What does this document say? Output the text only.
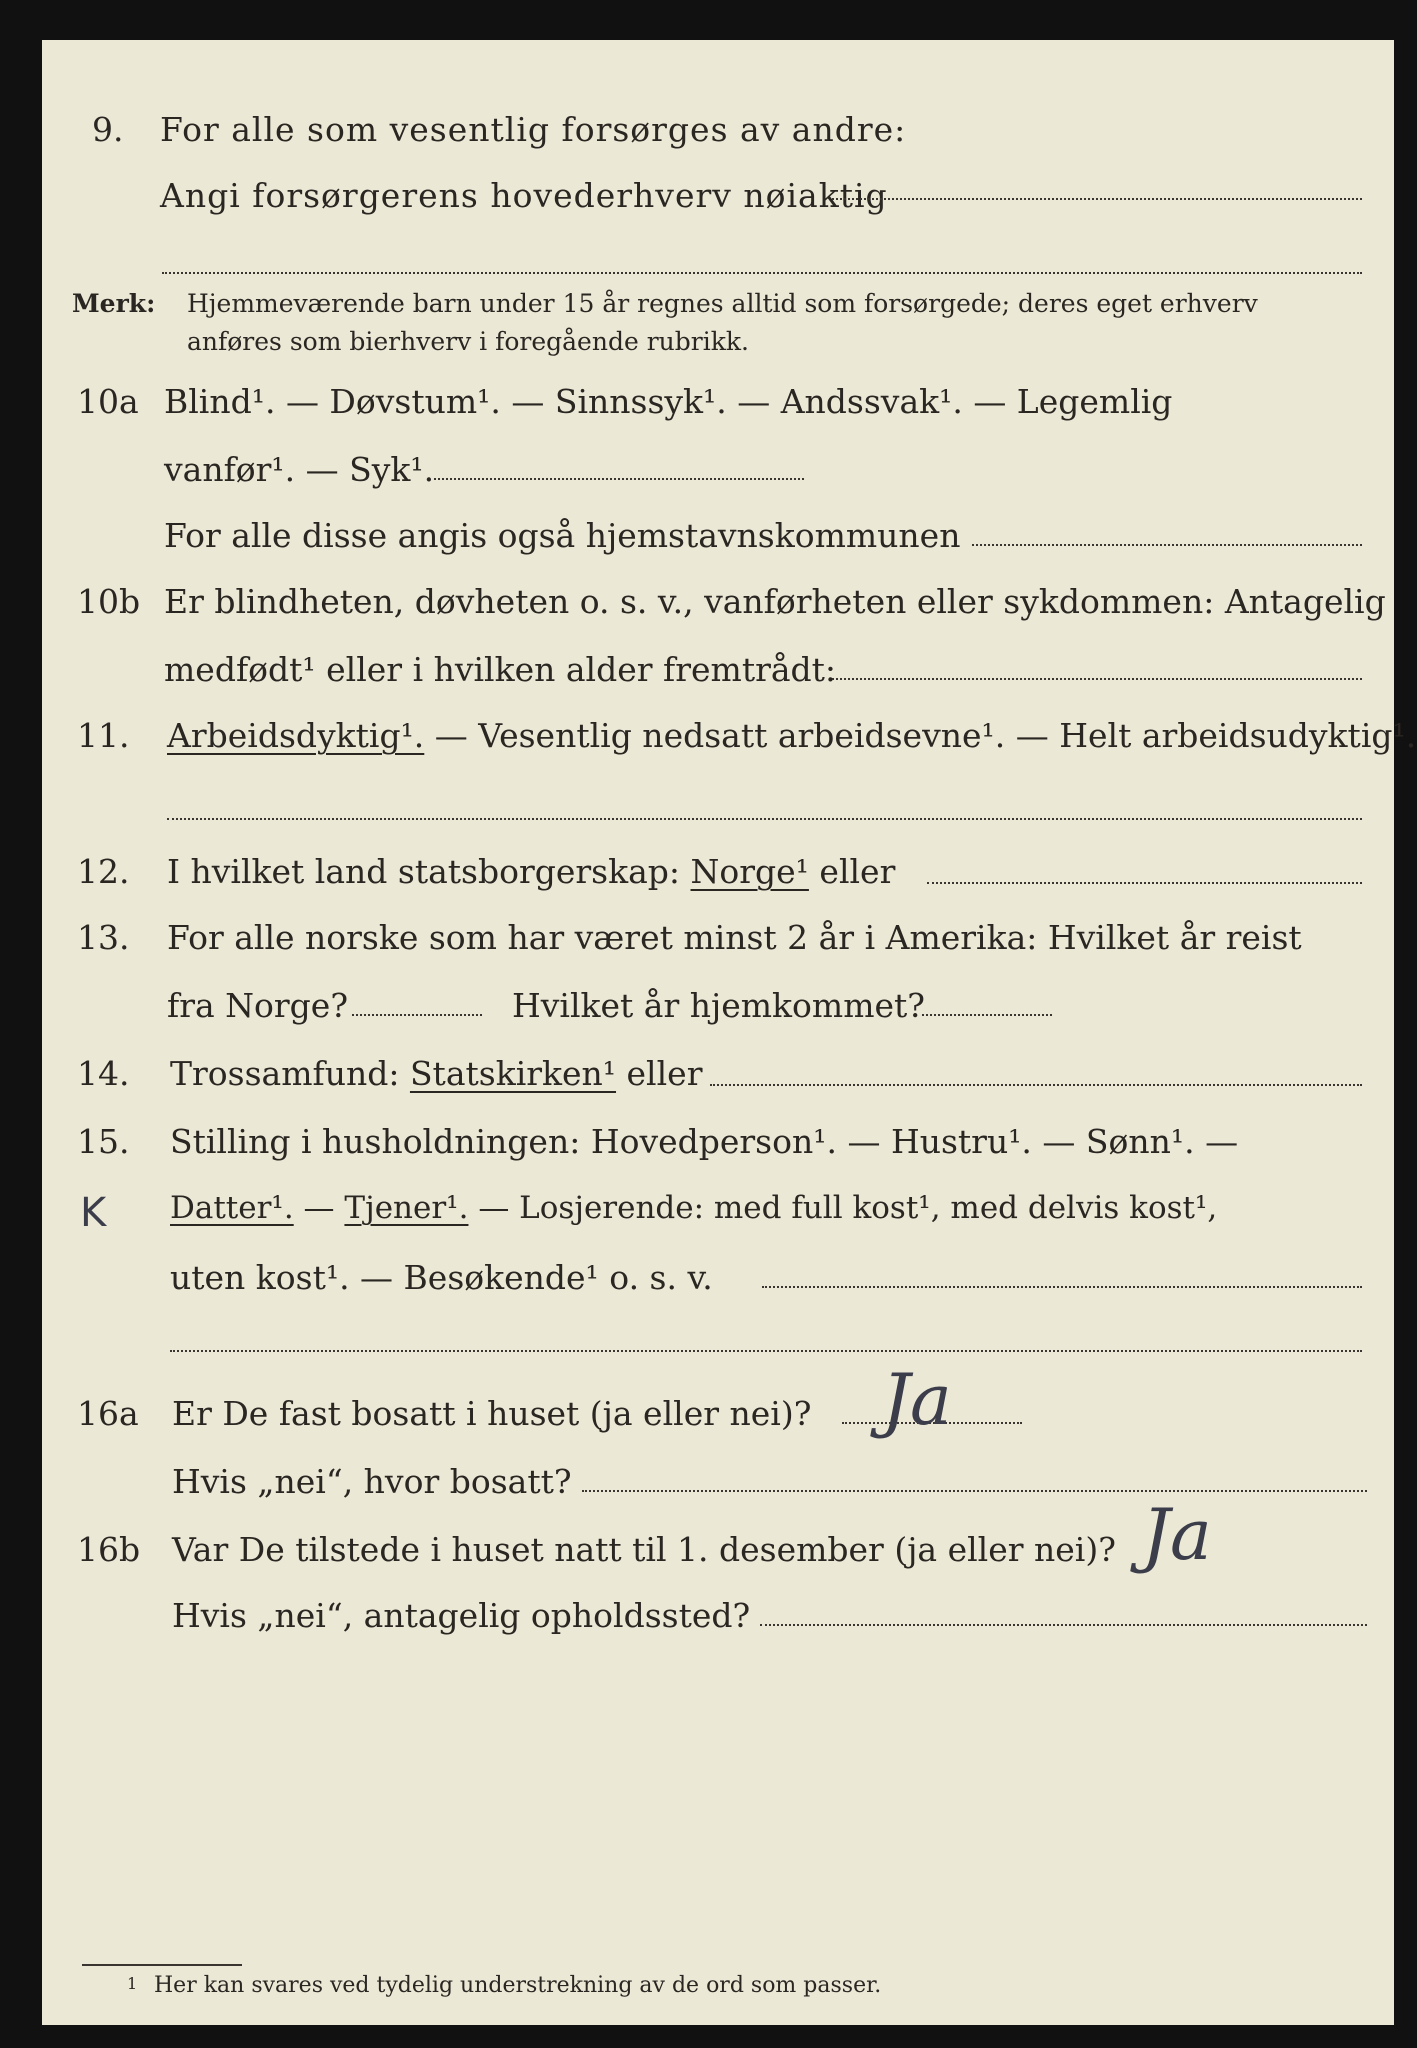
9. For alle som vesentlig forsørges av andre:
Angi forsørgerens hovederhverv nøiaktig
Merk: Hjemmeværende barn under 15 år regnes alltid som forsørgede; deres eget erhverv
anføres som bierhverv i foregående rubrikk.
10a Blind¹. — Døvstum¹. — Sinnssyk¹. — Andssvak¹. — Legemlig
vanfør¹. — Syk¹.
For alle disse angis også hjemstavnskommunen
10b Er blindheten, døvheten o. s. v., vanførheten eller sykdommen: Antagelig
medfødt¹ eller i hvilken alder fremtrådt:
11. Arbeidsdyktig¹. — Vesentlig nedsatt arbeidsevne¹. — Helt arbeidsudyktig¹.
12. I hvilket land statsborgerskap: Norge¹ eller
13. For alle norske som har været minst 2 år i Amerika: Hvilket år reist
fra Norge?	Hvilket år hjemkommet?
14. Trossamfund: Statskirken¹ eller
15. Stilling i husholdningen: Hovedperson¹. — Hustru¹. — Sønn¹. —
K Datter¹. — Tjener¹. — Losjerende: med full kost¹, med delvis kost¹,
uten kost¹. — Besøkende¹ o. s. v.
16a Er De fast bosatt i huset (ja eller nei)? Ja
Hvis „nei“, hvor bosatt?
16b Var De tilstede i huset natt til 1. desember (ja eller nei)? Ja
Hvis „nei“, antagelig opholdssted?
1 Her kan svares ved tydelig understrekning av de ord som passer.
